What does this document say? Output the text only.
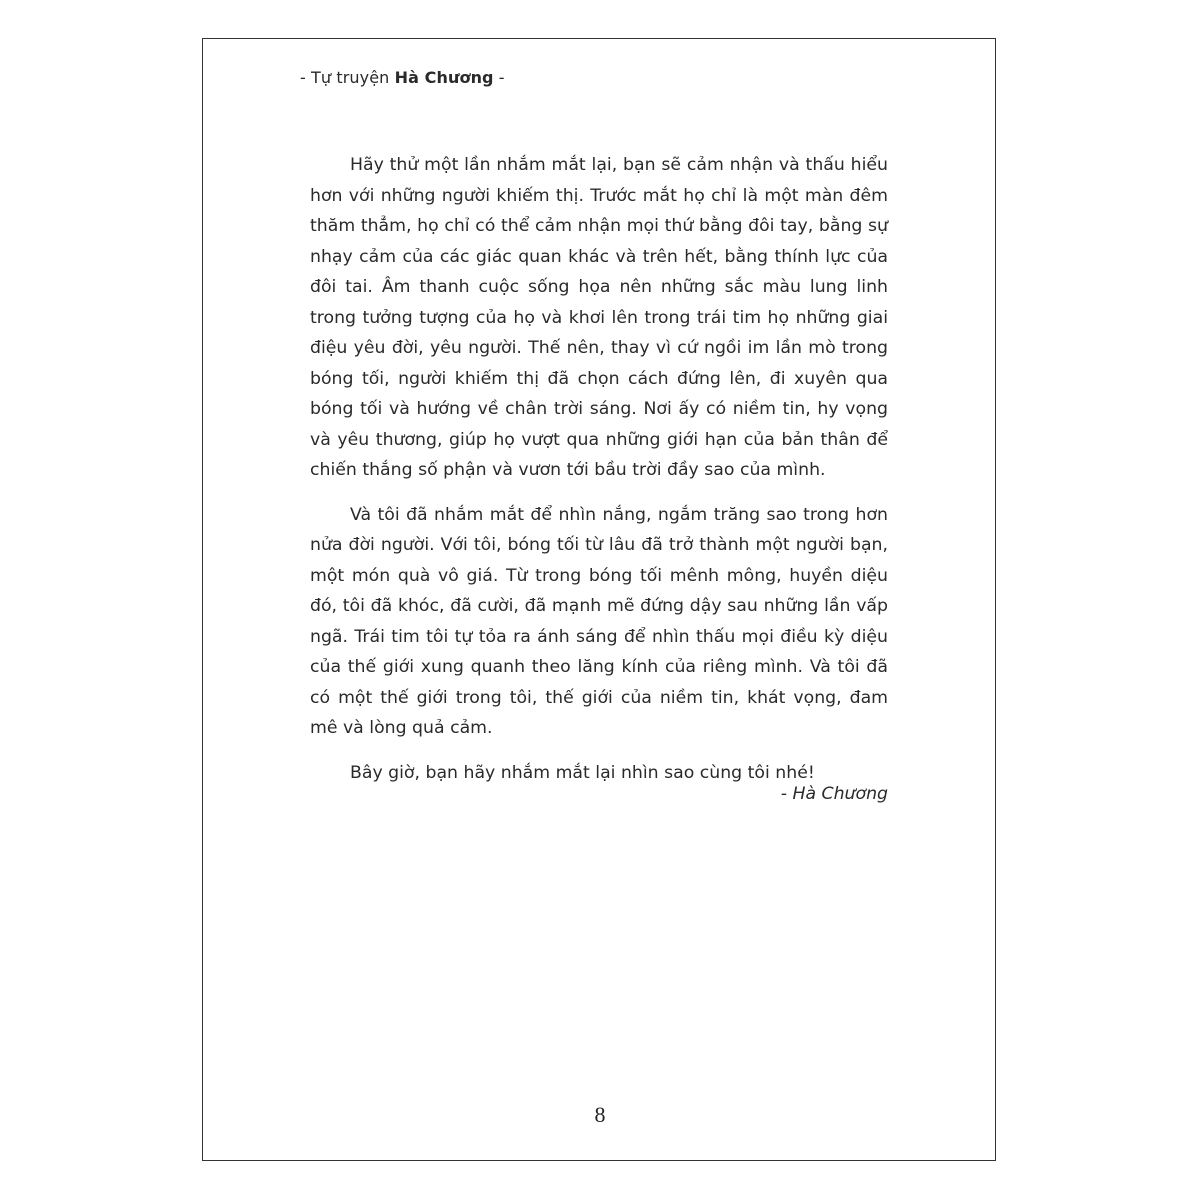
- Tự truyện Hà Chương -

Hãy thử một lần nhắm mắt lại, bạn sẽ cảm nhận và thấu hiểu hơn với những người khiếm thị. Trước mắt họ chỉ là một màn đêm thăm thẳm, họ chỉ có thể cảm nhận mọi thứ bằng đôi tay, bằng sự nhạy cảm của các giác quan khác và trên hết, bằng thính lực của đôi tai. Âm thanh cuộc sống họa nên những sắc màu lung linh trong tưởng tượng của họ và khơi lên trong trái tim họ những giai điệu yêu đời, yêu người. Thế nên, thay vì cứ ngồi im lần mò trong bóng tối, người khiếm thị đã chọn cách đứng lên, đi xuyên qua bóng tối và hướng về chân trời sáng. Nơi ấy có niềm tin, hy vọng và yêu thương, giúp họ vượt qua những giới hạn của bản thân để chiến thắng số phận và vươn tới bầu trời đầy sao của mình.

Và tôi đã nhắm mắt để nhìn nắng, ngắm trăng sao trong hơn nửa đời người. Với tôi, bóng tối từ lâu đã trở thành một người bạn, một món quà vô giá. Từ trong bóng tối mênh mông, huyền diệu đó, tôi đã khóc, đã cười, đã mạnh mẽ đứng dậy sau những lần vấp ngã. Trái tim tôi tự tỏa ra ánh sáng để nhìn thấu mọi điều kỳ diệu của thế giới xung quanh theo lăng kính của riêng mình. Và tôi đã có một thế giới trong tôi, thế giới của niềm tin, khát vọng, đam mê và lòng quả cảm.

Bây giờ, bạn hãy nhắm mắt lại nhìn sao cùng tôi nhé!

- Hà Chương
8
